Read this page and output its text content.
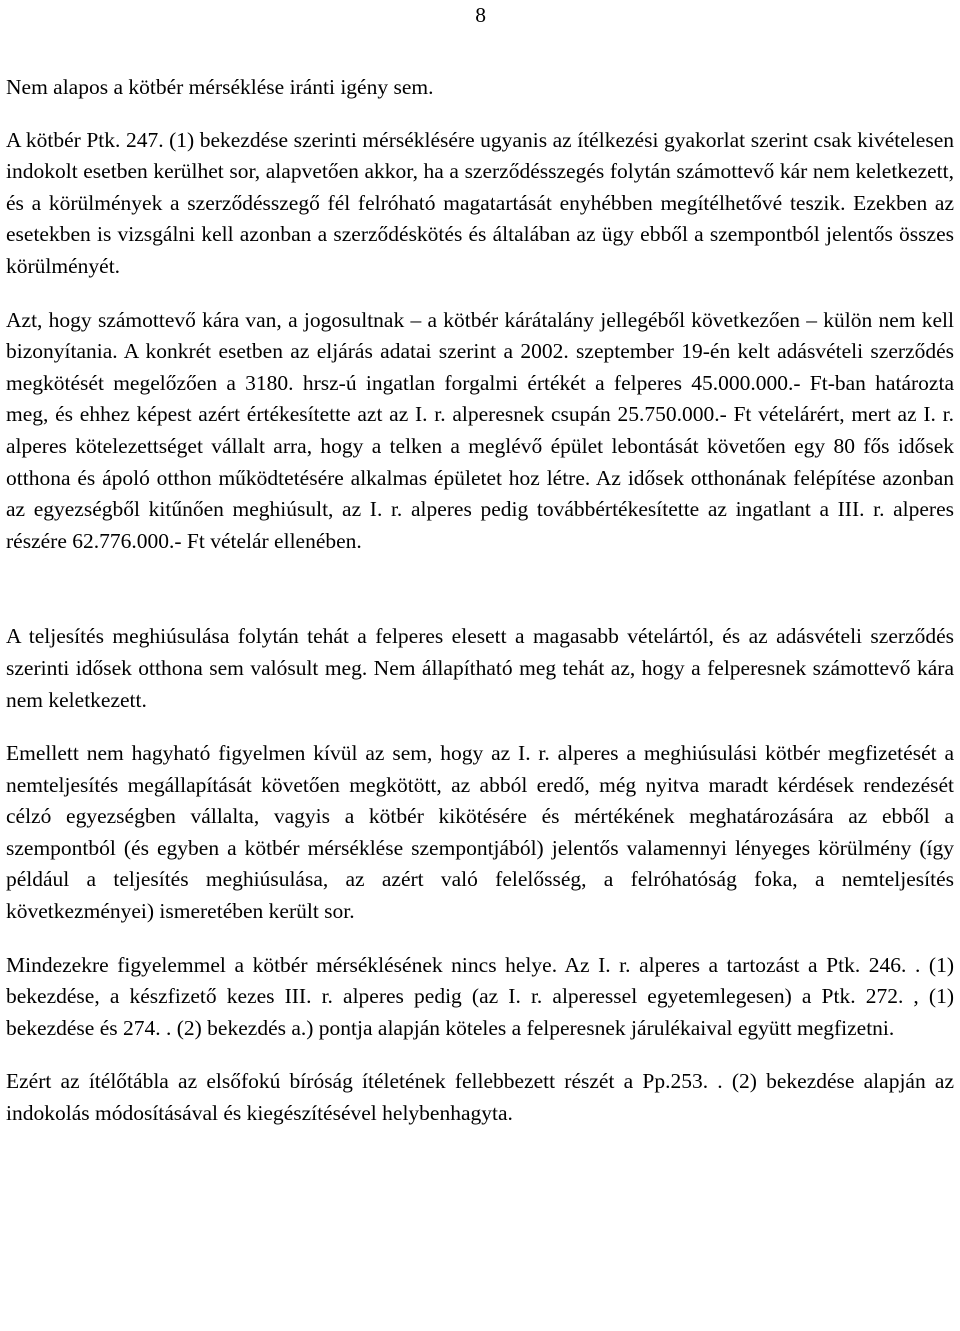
8

Nem alapos a kötbér mérséklése iránti igény sem.

A kötbér Ptk. 247. (1) bekezdése szerinti mérséklésére ugyanis az ítélkezési gyakorlat szerint csak kivételesen indokolt esetben kerülhet sor, alapvetően akkor, ha a szerződésszegés folytán számottevő kár nem keletkezett, és a körülmények a szerződésszegő fél felróható magatartását enyhébben megítélhetővé teszik. Ezekben az esetekben is vizsgálni kell azonban a szerződéskötés és általában az ügy ebből a szempontból jelentős összes körülményét.

Azt, hogy számottevő kára van, a jogosultnak – a kötbér kárátalány jellegéből következően – külön nem kell bizonyítania. A konkrét esetben az eljárás adatai szerint a 2002. szeptember 19-én kelt adásvételi szerződés megkötését megelőzően a 3180. hrsz-ú ingatlan forgalmi értékét a felperes 45.000.000.- Ft-ban határozta meg, és ehhez képest azért értékesítette azt az I. r. alperesnek csupán 25.750.000.- Ft vételárért, mert az I. r. alperes kötelezettséget vállalt arra, hogy a telken a meglévő épület lebontását követően egy 80 fős idősek otthona és ápoló otthon működtetésére alkalmas épületet hoz létre. Az idősek otthonának felépítése azonban az egyezségből kitűnően meghiúsult, az I. r. alperes pedig továbbértékesítette az ingatlant a III. r. alperes részére 62.776.000.- Ft vételár ellenében.

A teljesítés meghiúsulása folytán tehát a felperes elesett a magasabb vételártól, és az adásvételi szerződés szerinti idősek otthona sem valósult meg. Nem állapítható meg tehát az, hogy a felperesnek számottevő kára nem keletkezett.

Emellett nem hagyható figyelmen kívül az sem, hogy az I. r. alperes a meghiúsulási kötbér megfizetését a nemteljesítés megállapítását követően megkötött, az abból eredő, még nyitva maradt kérdések rendezését célzó egyezségben vállalta, vagyis a kötbér kikötésére és mértékének meghatározására az ebből a szempontból (és egyben a kötbér mérséklése szempontjából) jelentős valamennyi lényeges körülmény (így például a teljesítés meghiúsulása, az azért való felelősség, a felróhatóság foka, a nemteljesítés következményei) ismeretében került sor.

Mindezekre figyelemmel a kötbér mérséklésének nincs helye. Az I. r. alperes a tartozást a Ptk. 246. . (1) bekezdése, a készfizető kezes III. r. alperes pedig (az I. r. alperessel egyetemlegesen) a Ptk. 272. , (1) bekezdése és 274. . (2) bekezdés a.) pontja alapján köteles a felperesnek járulékaival együtt megfizetni.

Ezért az ítélőtábla az elsőfokú bíróság ítéletének fellebbezett részét a Pp.253. . (2) bekezdése alapján az indokolás módosításával és kiegészítésével helybenhagyta.
